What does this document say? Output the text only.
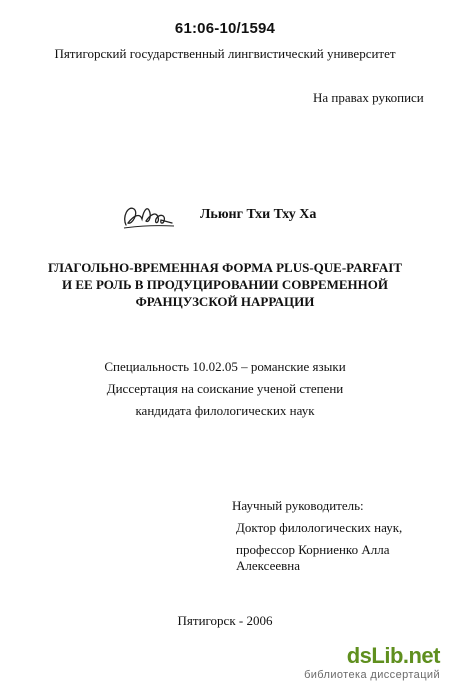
61:06-10/1594
Пятигорский государственный лингвистический университет
На правах рукописи
Льюнг Тхи Тху Ха
ГЛАГОЛЬНО-ВРЕМЕННАЯ ФОРМА PLUS-QUE-PARFAIT
И ЕЕ РОЛЬ В ПРОДУЦИРОВАНИИ СОВРЕМЕННОЙ
ФРАНЦУЗСКОЙ НАРРАЦИИ
Специальность 10.02.05 – романские языки
Диссертация на соискание ученой степени
кандидата филологических наук
Научный руководитель:
Доктор филологических наук,
профессор Корниенко Алла Алексеевна
Пятигорск - 2006
dsLib.net
библиотека диссертаций
